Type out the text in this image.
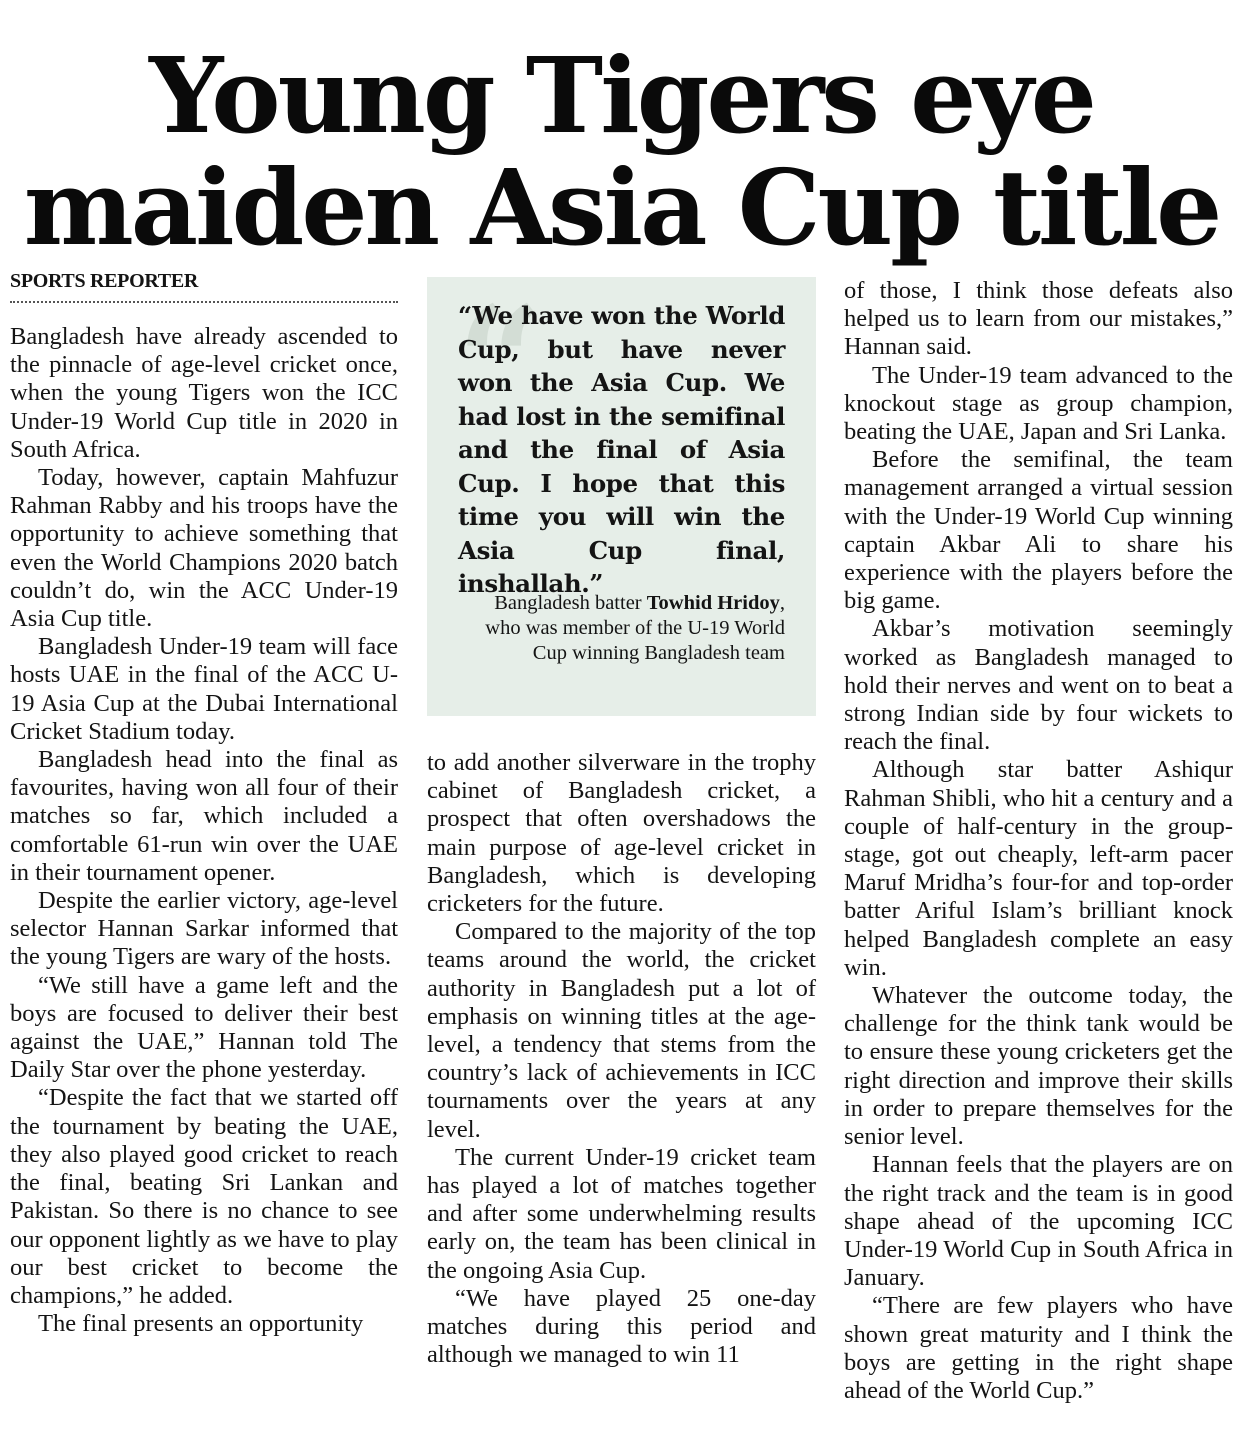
Young Tigers eye
maiden Asia Cup title
SPORTS REPORTER

Bangladesh have already ascended to the pinnacle of age-level cricket once, when the young Tigers won the ICC Under-19 World Cup title in 2020 in South Africa.

Today, however, captain Mahfuzur Rahman Rabby and his troops have the opportunity to achieve something that even the World Champions 2020 batch couldn’t do, win the ACC Under-19 Asia Cup title.

Bangladesh Under-19 team will face hosts UAE in the final of the ACC U-19 Asia Cup at the Dubai International Cricket Stadium today.

Bangladesh head into the final as favourites, having won all four of their matches so far, which included a comfortable 61-run win over the UAE in their tournament opener.

Despite the earlier victory, age-level selector Hannan Sarkar informed that the young Tigers are wary of the hosts.

“We still have a game left and the boys are focused to deliver their best against the UAE,” Hannan told The Daily Star over the phone yesterday.

“Despite the fact that we started off the tournament by beating the UAE, they also played good cricket to reach the final, beating Sri Lankan and Pakistan. So there is no chance to see our opponent lightly as we have to play our best cricket to become the champions,” he added.

The final presents an opportunity

“
“We have won the World Cup, but have never won the Asia Cup. We had lost in the semifinal and the final of Asia Cup. I hope that this time you will win the Asia Cup final, inshallah.”
Bangladesh batter Towhid Hridoy, who was member of the U-19 World Cup winning Bangladesh team

to add another silverware in the trophy cabinet of Bangladesh cricket, a prospect that often overshadows the main purpose of age-level cricket in Bangladesh, which is developing cricketers for the future.

Compared to the majority of the top teams around the world, the cricket authority in Bangladesh put a lot of emphasis on winning titles at the age-level, a tendency that stems from the country’s lack of achievements in ICC tournaments over the years at any level.

The current Under-19 cricket team has played a lot of matches together and after some underwhelming results early on, the team has been clinical in the ongoing Asia Cup.

“We have played 25 one-day matches during this period and although we managed to win 11

of those, I think those defeats also helped us to learn from our mistakes,” Hannan said.

The Under-19 team advanced to the knockout stage as group champion, beating the UAE, Japan and Sri Lanka.

Before the semifinal, the team management arranged a virtual session with the Under-19 World Cup winning captain Akbar Ali to share his experience with the players before the big game.

Akbar’s motivation seemingly worked as Bangladesh managed to hold their nerves and went on to beat a strong Indian side by four wickets to reach the final.

Although star batter Ashiqur Rahman Shibli, who hit a century and a couple of half-century in the group-stage, got out cheaply, left-arm pacer Maruf Mridha’s four-for and top-order batter Ariful Islam’s brilliant knock helped Bangladesh complete an easy win.

Whatever the outcome today, the challenge for the think tank would be to ensure these young cricketers get the right direction and improve their skills in order to prepare themselves for the senior level.

Hannan feels that the players are on the right track and the team is in good shape ahead of the upcoming ICC Under-19 World Cup in South Africa in January.

“There are few players who have shown great maturity and I think the boys are getting in the right shape ahead of the World Cup.”
